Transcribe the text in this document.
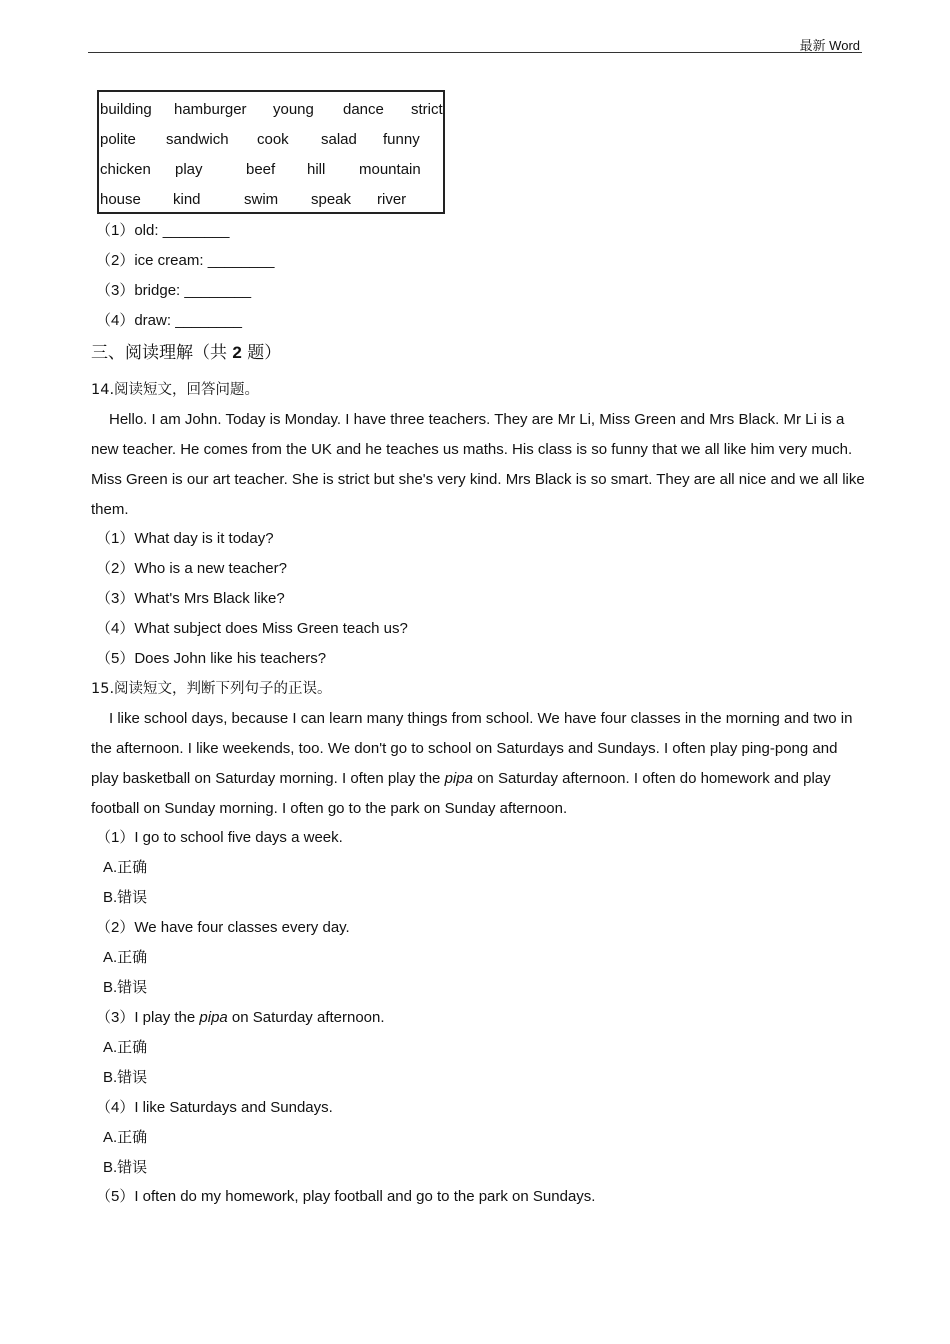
最新 Word
building hamburger young dance strict
polite sandwich cook salad funny
chicken play	beef hill mountain
house kind	swim speak river
（1）old: ________
（2）ice cream: ________
（3）bridge: ________
（4）draw: ________
三、阅读理解（共 2 题）
14.阅读短文，回答问题。
Hello. I am John. Today is Monday. I have three teachers. They are Mr Li, Miss Green and Mrs Black. Mr Li is a new teacher. He comes from the UK and he teaches us maths. His class is so funny that we all like him very much. Miss Green is our art teacher. She is strict but she's very kind. Mrs Black is so smart. They are all nice and we all like them.
（1）What day is it today?
（2）Who is a new teacher?
（3）What's Mrs Black like?
（4）What subject does Miss Green teach us?
（5）Does John like his teachers?
15.阅读短文，判断下列句子的正误。
I like school days, because I can learn many things from school. We have four classes in the morning and two in the afternoon. I like weekends, too. We don't go to school on Saturdays and Sundays. I often play ping-pong and play basketball on Saturday morning. I often play the pipa on Saturday afternoon. I often do homework and play football on Sunday morning. I often go to the park on Sunday afternoon.
（1）I go to school five days a week.
A.正确
B.错误
（2）We have four classes every day.
A.正确
B.错误
（3）I play the pipa on Saturday afternoon.
A.正确
B.错误
（4）I like Saturdays and Sundays.
A.正确
B.错误
（5）I often do my homework, play football and go to the park on Sundays.
